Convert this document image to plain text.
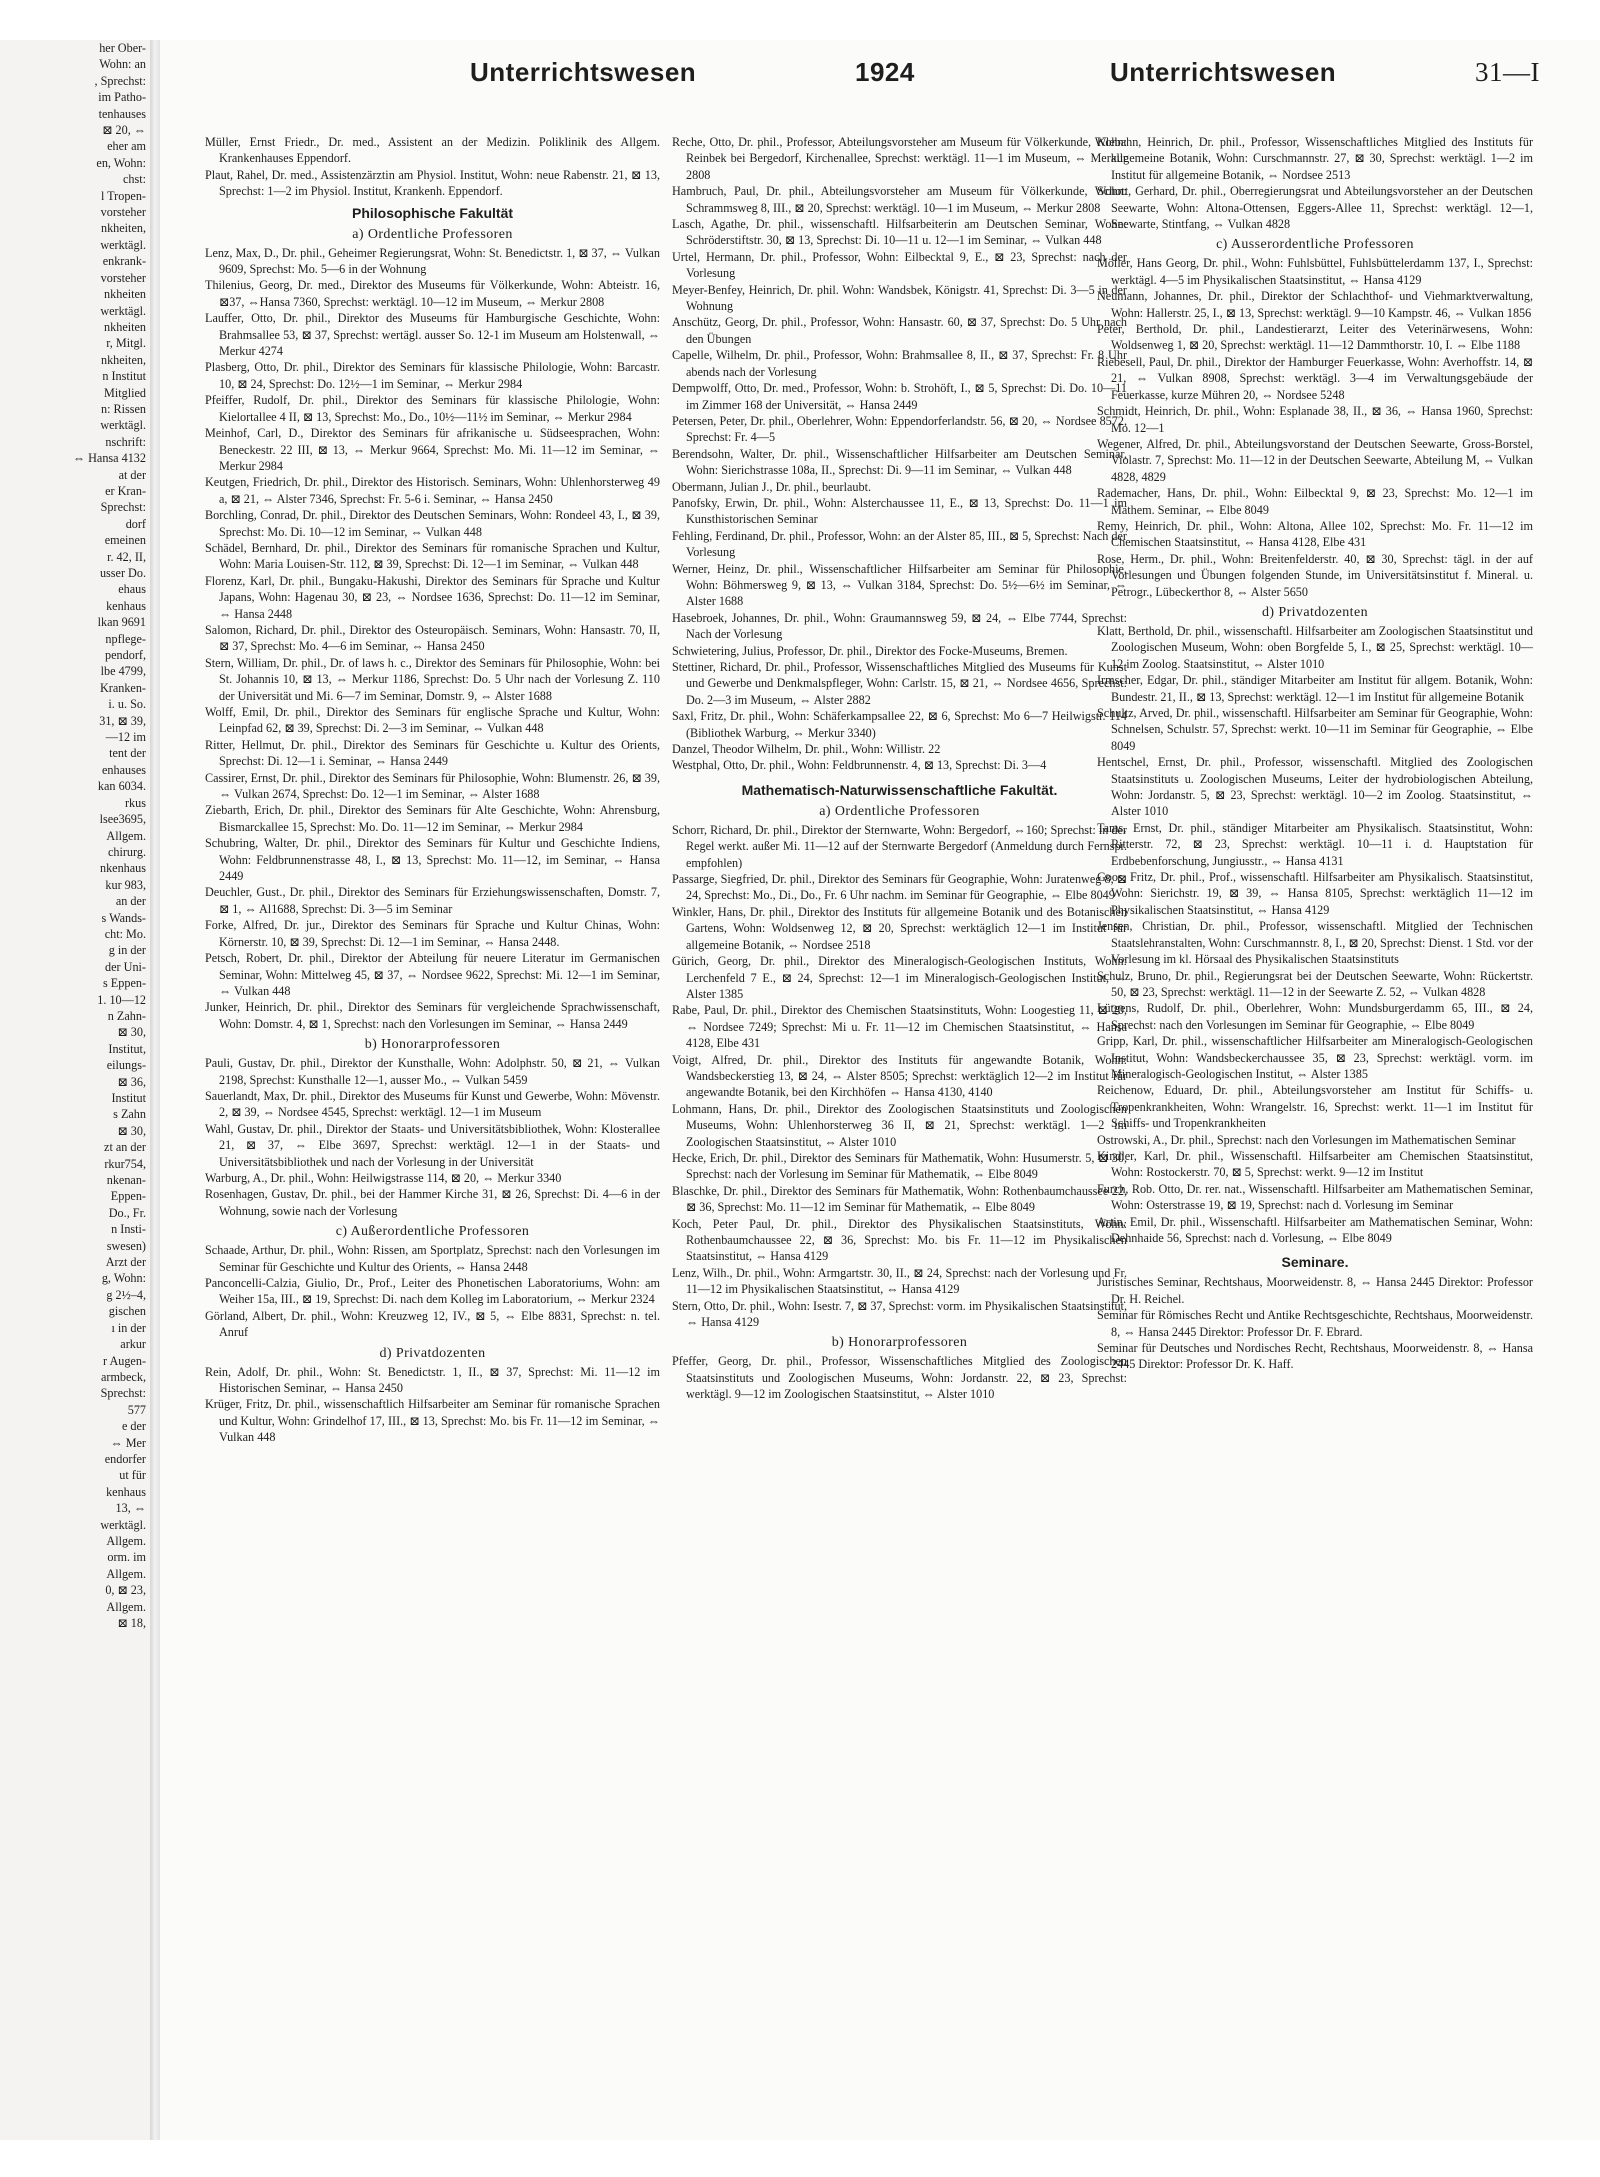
her Ober-
Wohn: an
, Sprechst:
im Patho-
tenhauses
⊠ 20, ⇔
eher am
en, Wohn:
chst:
l Tropen-
vorsteher
nkheiten,
werktägl.
enkrank-
vorsteher
nkheiten
werktägl.
nkheiten
r, Mitgl.
nkheiten,
n Institut
Mitglied
n: Rissen
werktägl.
nschrift:
⇔ Hansa 4132
at der
er Kran-
Sprechst:
dorf
emeinen
r. 42, II,
usser Do.
ehaus
kenhaus
lkan 9691
npflege-
pendorf,
lbe 4799,
Kranken-
i. u. So.
31, ⊠ 39,
—12 im
tent der
enhauses
kan 6034.
rkus
lsee3695,
Allgem.
chirurg.
nkenhaus
kur 983,
an der
s Wands-
cht: Mo.
g in der
der Uni-
s Eppen-
1. 10—12
n Zahn-
⊠ 30,
Institut,
eilungs-
⊠ 36,
Institut
s Zahn
⊠ 30,
zt an der
rkur754,
nkenan-
Eppen-
Do., Fr.
n Insti-
swesen)
Arzt der
g, Wohn:
g 2½–4,
gischen
ı in der
arkur
r Augen-
armbeck,
Sprechst:
577
e der
⇔ Mer
endorfer
ut für
kenhaus
13, ⇔
werktägl.
Allgem.
orm. im
Allgem.
0, ⊠ 23,
Allgem.
⊠ 18,
Unterrichtswesen	1924	Unterrichtswesen	31—I
Müller, Ernst Friedr., Dr. med., Assistent an der Medizin. Poliklinik des Allgem. Krankenhauses Eppendorf.
Plaut, Rahel, Dr. med., Assistenzärztin am Physiol. Institut, Wohn: neue Rabenstr. 21, ⊠ 13, Sprechst: 1—2 im Physiol. Institut, Krankenh. Eppendorf.
Philosophische Fakultät
a) Ordentliche Professoren
Lenz, Max, D., Dr. phil., Geheimer Regierungsrat, Wohn: St. Benedictstr. 1, ⊠ 37, ⇔ Vulkan 9609, Sprechst: Mo. 5—6 in der Wohnung
Thilenius, Georg, Dr. med., Direktor des Museums für Völkerkunde, Wohn: Abteistr. 16, ⊠37, ⇔Hansa 7360, Sprechst: werktägl. 10—12 im Museum, ⇔ Merkur 2808
Lauffer, Otto, Dr. phil., Direktor des Museums für Hamburgische Geschichte, Wohn: Brahmsallee 53, ⊠ 37, Sprechst: wertägl. ausser So. 12-1 im Museum am Holstenwall, ⇔ Merkur 4274
Plasberg, Otto, Dr. phil., Direktor des Seminars für klassische Philologie, Wohn: Barcastr. 10, ⊠ 24, Sprechst: Do. 12½—1 im Seminar, ⇔ Merkur 2984
Pfeiffer, Rudolf, Dr. phil., Direktor des Seminars für klassische Philologie, Wohn: Kielortallee 4 II, ⊠ 13, Sprechst: Mo., Do., 10½—11½ im Seminar, ⇔ Merkur 2984
Meinhof, Carl, D., Direktor des Seminars für afrikanische u. Südseesprachen, Wohn: Beneckestr. 22 III, ⊠ 13, ⇔ Merkur 9664, Sprechst: Mo. Mi. 11—12 im Seminar, ⇔ Merkur 2984
Keutgen, Friedrich, Dr. phil., Direktor des Historisch. Seminars, Wohn: Uhlenhorsterweg 49 a, ⊠ 21, ⇔ Alster 7346, Sprechst: Fr. 5-6 i. Seminar, ⇔ Hansa 2450
Borchling, Conrad, Dr. phil., Direktor des Deutschen Seminars, Wohn: Rondeel 43, I., ⊠ 39, Sprechst: Mo. Di. 10—12 im Seminar, ⇔ Vulkan 448
Schädel, Bernhard, Dr. phil., Direktor des Seminars für romanische Sprachen und Kultur, Wohn: Maria Louisen-Str. 112, ⊠ 39, Sprechst: Di. 12—1 im Seminar, ⇔ Vulkan 448
Florenz, Karl, Dr. phil., Bungaku-Hakushi, Direktor des Seminars für Sprache und Kultur Japans, Wohn: Hagenau 30, ⊠ 23, ⇔ Nordsee 1636, Sprechst: Do. 11—12 im Seminar, ⇔ Hansa 2448
Salomon, Richard, Dr. phil., Direktor des Osteuropäisch. Seminars, Wohn: Hansastr. 70, II, ⊠ 37, Sprechst: Mo. 4—6 im Seminar, ⇔ Hansa 2450
Stern, William, Dr. phil., Dr. of laws h. c., Direktor des Seminars für Philosophie, Wohn: bei St. Johannis 10, ⊠ 13, ⇔ Merkur 1186, Sprechst: Do. 5 Uhr nach der Vorlesung Z. 110 der Universität und Mi. 6—7 im Seminar, Domstr. 9, ⇔ Alster 1688
Wolff, Emil, Dr. phil., Direktor des Seminars für englische Sprache und Kultur, Wohn: Leinpfad 62, ⊠ 39, Sprechst: Di. 2—3 im Seminar, ⇔ Vulkan 448
Ritter, Hellmut, Dr. phil., Direktor des Seminars für Geschichte u. Kultur des Orients, Sprechst: Di. 12—1 i. Seminar, ⇔ Hansa 2449
Cassirer, Ernst, Dr. phil., Direktor des Seminars für Philosophie, Wohn: Blumenstr. 26, ⊠ 39, ⇔ Vulkan 2674, Sprechst: Do. 12—1 im Seminar, ⇔ Alster 1688
Ziebarth, Erich, Dr. phil., Direktor des Seminars für Alte Geschichte, Wohn: Ahrensburg, Bismarckallee 15, Sprechst: Mo. Do. 11—12 im Seminar, ⇔ Merkur 2984
Schubring, Walter, Dr. phil., Direktor des Seminars für Kultur und Geschichte Indiens, Wohn: Feldbrunnenstrasse 48, I., ⊠ 13, Sprechst: Mo. 11—12, im Seminar, ⇔ Hansa 2449
Deuchler, Gust., Dr. phil., Direktor des Seminars für Erziehungswissenschaften, Domstr. 7, ⊠ 1, ⇔ Al1688, Sprechst: Di. 3—5 im Seminar
Forke, Alfred, Dr. jur., Direktor des Seminars für Sprache und Kultur Chinas, Wohn: Körnerstr. 10, ⊠ 39, Sprechst: Di. 12—1 im Seminar, ⇔ Hansa 2448.
Petsch, Robert, Dr. phil., Direktor der Abteilung für neuere Literatur im Germanischen Seminar, Wohn: Mittelweg 45, ⊠ 37, ⇔ Nordsee 9622, Sprechst: Mi. 12—1 im Seminar, ⇔ Vulkan 448
Junker, Heinrich, Dr. phil., Direktor des Seminars für vergleichende Sprachwissenschaft, Wohn: Domstr. 4, ⊠ 1, Sprechst: nach den Vorlesungen im Seminar, ⇔ Hansa 2449
b) Honorarprofessoren
Pauli, Gustav, Dr. phil., Direktor der Kunsthalle, Wohn: Adolphstr. 50, ⊠ 21, ⇔ Vulkan 2198, Sprechst: Kunsthalle 12—1, ausser Mo., ⇔ Vulkan 5459
Sauerlandt, Max, Dr. phil., Direktor des Museums für Kunst und Gewerbe, Wohn: Mövenstr. 2, ⊠ 39, ⇔ Nordsee 4545, Sprechst: werktägl. 12—1 im Museum
Wahl, Gustav, Dr. phil., Direktor der Staats- und Universitätsbibliothek, Wohn: Klosterallee 21, ⊠ 37, ⇔ Elbe 3697, Sprechst: werktägl. 12—1 in der Staats- und Universitätsbibliothek und nach der Vorlesung in der Universität
Warburg, A., Dr. phil., Wohn: Heilwigstrasse 114, ⊠ 20, ⇔ Merkur 3340
Rosenhagen, Gustav, Dr. phil., bei der Hammer Kirche 31, ⊠ 26, Sprechst: Di. 4—6 in der Wohnung, sowie nach der Vorlesung
c) Außerordentliche Professoren
Schaade, Arthur, Dr. phil., Wohn: Rissen, am Sportplatz, Sprechst: nach den Vorlesungen im Seminar für Geschichte und Kultur des Orients, ⇔ Hansa 2448
Panconcelli-Calzia, Giulio, Dr., Prof., Leiter des Phonetischen Laboratoriums, Wohn: am Weiher 15a, III., ⊠ 19, Sprechst: Di. nach dem Kolleg im Laboratorium, ⇔ Merkur 2324
Görland, Albert, Dr. phil., Wohn: Kreuzweg 12, IV., ⊠ 5, ⇔ Elbe 8831, Sprechst: n. tel. Anruf
d) Privatdozenten
Rein, Adolf, Dr. phil., Wohn: St. Benedictstr. 1, II., ⊠ 37, Sprechst: Mi. 11—12 im Historischen Seminar, ⇔ Hansa 2450
Krüger, Fritz, Dr. phil., wissenschaftlich Hilfsarbeiter am Seminar für romanische Sprachen und Kultur, Wohn: Grindelhof 17, III., ⊠ 13, Sprechst: Mo. bis Fr. 11—12 im Seminar, ⇔ Vulkan 448
Reche, Otto, Dr. phil., Professor, Abteilungsvorsteher am Museum für Völkerkunde, Wohn: Reinbek bei Bergedorf, Kirchenallee, Sprechst: werktägl. 11—1 im Museum, ⇔ Merkur 2808
Hambruch, Paul, Dr. phil., Abteilungsvorsteher am Museum für Völkerkunde, Wohn: Schrammsweg 8, III., ⊠ 20, Sprechst: werktägl. 10—1 im Museum, ⇔ Merkur 2808
Lasch, Agathe, Dr. phil., wissenschaftl. Hilfsarbeiterin am Deutschen Seminar, Wohn: Schröderstiftstr. 30, ⊠ 13, Sprechst: Di. 10—11 u. 12—1 im Seminar, ⇔ Vulkan 448
Urtel, Hermann, Dr. phil., Professor, Wohn: Eilbecktal 9, E., ⊠ 23, Sprechst: nach der Vorlesung
Meyer-Benfey, Heinrich, Dr. phil. Wohn: Wandsbek, Königstr. 41, Sprechst: Di. 3—5 in der Wohnung
Anschütz, Georg, Dr. phil., Professor, Wohn: Hansastr. 60, ⊠ 37, Sprechst: Do. 5 Uhr nach den Übungen
Capelle, Wilhelm, Dr. phil., Professor, Wohn: Brahmsallee 8, II., ⊠ 37, Sprechst: Fr. 8 Uhr abends nach der Vorlesung
Dempwolff, Otto, Dr. med., Professor, Wohn: b. Strohöft, I., ⊠ 5, Sprechst: Di. Do. 10—11 im Zimmer 168 der Universität, ⇔ Hansa 2449
Petersen, Peter, Dr. phil., Oberlehrer, Wohn: Eppendorferlandstr. 56, ⊠ 20, ⇔ Nordsee 8572, Sprechst: Fr. 4—5
Berendsohn, Walter, Dr. phil., Wissenschaftlicher Hilfsarbeiter am Deutschen Seminar, Wohn: Sierichstrasse 108a, II., Sprechst: Di. 9—11 im Seminar, ⇔ Vulkan 448
Obermann, Julian J., Dr. phil., beurlaubt.
Panofsky, Erwin, Dr. phil., Wohn: Alsterchaussee 11, E., ⊠ 13, Sprechst: Do. 11—1 im Kunsthistorischen Seminar
Fehling, Ferdinand, Dr. phil., Professor, Wohn: an der Alster 85, III., ⊠ 5, Sprechst: Nach der Vorlesung
Werner, Heinz, Dr. phil., Wissenschaftlicher Hilfsarbeiter am Seminar für Philosophie, Wohn: Böhmersweg 9, ⊠ 13, ⇔ Vulkan 3184, Sprechst: Do. 5½—6½ im Seminar, ⇔ Alster 1688
Hasebroek, Johannes, Dr. phil., Wohn: Graumannsweg 59, ⊠ 24, ⇔ Elbe 7744, Sprechst: Nach der Vorlesung
Schwietering, Julius, Professor, Dr. phil., Direktor des Focke-Museums, Bremen.
Stettiner, Richard, Dr. phil., Professor, Wissenschaftliches Mitglied des Museums für Kunst und Gewerbe und Denkmalspfleger, Wohn: Carlstr. 15, ⊠ 21, ⇔ Nordsee 4656, Sprechst: Do. 2—3 im Museum, ⇔ Alster 2882
Saxl, Fritz, Dr. phil., Wohn: Schäferkampsallee 22, ⊠ 6, Sprechst: Mo 6—7 Heilwigstr. 114 (Bibliothek Warburg, ⇔ Merkur 3340)
Danzel, Theodor Wilhelm, Dr. phil., Wohn: Willistr. 22
Westphal, Otto, Dr. phil., Wohn: Feldbrunnenstr. 4, ⊠ 13, Sprechst: Di. 3—4
Mathematisch-Naturwissenschaftliche Fakultät.
a) Ordentliche Professoren
Schorr, Richard, Dr. phil., Direktor der Sternwarte, Wohn: Bergedorf, ⇔160; Sprechst: in der Regel werkt. außer Mi. 11—12 auf der Sternwarte Bergedorf (Anmeldung durch Fernspr. empfohlen)
Passarge, Siegfried, Dr. phil., Direktor des Seminars für Geographie, Wohn: Juratenweg 8, ⊠ 24, Sprechst: Mo., Di., Do., Fr. 6 Uhr nachm. im Seminar für Geographie, ⇔ Elbe 8049
Winkler, Hans, Dr. phil., Direktor des Instituts für allgemeine Botanik und des Botanischen Gartens, Wohn: Woldsenweg 12, ⊠ 20, Sprechst: werktäglich 12—1 im Institut für allgemeine Botanik, ⇔ Nordsee 2518
Gürich, Georg, Dr. phil., Direktor des Mineralogisch-Geologischen Instituts, Wohn: Lerchenfeld 7 E., ⊠ 24, Sprechst: 12—1 im Mineralogisch-Geologischen Institut, ⇔ Alster 1385
Rabe, Paul, Dr. phil., Direktor des Chemischen Staatsinstituts, Wohn: Loogestieg 11, ⊠ 20, ⇔ Nordsee 7249; Sprechst: Mi u. Fr. 11—12 im Chemischen Staatsinstitut, ⇔ Hansa 4128, Elbe 431
Voigt, Alfred, Dr. phil., Direktor des Instituts für angewandte Botanik, Wohn: Wandsbeckerstieg 13, ⊠ 24, ⇔ Alster 8505; Sprechst: werktäglich 12—2 im Institut für angewandte Botanik, bei den Kirchhöfen ⇔ Hansa 4130, 4140
Lohmann, Hans, Dr. phil., Direktor des Zoologischen Staatsinstituts und Zoologischen Museums, Wohn: Uhlenhorsterweg 36 II, ⊠ 21, Sprechst: werktägl. 1—2 im Zoologischen Staatsinstitut, ⇔ Alster 1010
Hecke, Erich, Dr. phil., Direktor des Seminars für Mathematik, Wohn: Husumerstr. 5, ⊠ 30, Sprechst: nach der Vorlesung im Seminar für Mathematik, ⇔ Elbe 8049
Blaschke, Dr. phil., Direktor des Seminars für Mathematik, Wohn: Rothenbaumchaussee 22, ⊠ 36, Sprechst: Mo. 11—12 im Seminar für Mathematik, ⇔ Elbe 8049
Koch, Peter Paul, Dr. phil., Direktor des Physikalischen Staatsinstituts, Wohn: Rothenbaumchaussee 22, ⊠ 36, Sprechst: Mo. bis Fr. 11—12 im Physikalischen Staatsinstitut, ⇔ Hansa 4129
Lenz, Wilh., Dr. phil., Wohn: Armgartstr. 30, II., ⊠ 24, Sprechst: nach der Vorlesung und Fr. 11—12 im Physikalischen Staatsinstitut, ⇔ Hansa 4129
Stern, Otto, Dr. phil., Wohn: Isestr. 7, ⊠ 37, Sprechst: vorm. im Physikalischen Staatsinstitut, ⇔ Hansa 4129
b) Honorarprofessoren
Pfeffer, Georg, Dr. phil., Professor, Wissenschaftliches Mitglied des Zoologischen Staatsinstituts und Zoologischen Museums, Wohn: Jordanstr. 22, ⊠ 23, Sprechst: werktägl. 9—12 im Zoologischen Staatsinstitut, ⇔ Alster 1010
Klebahn, Heinrich, Dr. phil., Professor, Wissenschaftliches Mitglied des Instituts für allgemeine Botanik, Wohn: Curschmannstr. 27, ⊠ 30, Sprechst: werktägl. 1—2 im Institut für allgemeine Botanik, ⇔ Nordsee 2513
Schott, Gerhard, Dr. phil., Oberregierungsrat und Abteilungsvorsteher an der Deutschen Seewarte, Wohn: Altona-Ottensen, Eggers-Allee 11, Sprechst: werktägl. 12—1, Seewarte, Stintfang, ⇔ Vulkan 4828
c) Ausserordentliche Professoren
Möller, Hans Georg, Dr. phil., Wohn: Fuhlsbüttel, Fuhlsbüttelerdamm 137, I., Sprechst: werktägl. 4—5 im Physikalischen Staatsinstitut, ⇔ Hansa 4129
Neumann, Johannes, Dr. phil., Direktor der Schlachthof- und Viehmarktverwaltung, Wohn: Hallerstr. 25, I., ⊠ 13, Sprechst: werktägl. 9—10 Kampstr. 46, ⇔ Vulkan 1856
Peter, Berthold, Dr. phil., Landestierarzt, Leiter des Veterinärwesens, Wohn: Woldsenweg 1, ⊠ 20, Sprechst: werktägl. 11—12 Dammthorstr. 10, I. ⇔ Elbe 1188
Riebesell, Paul, Dr. phil., Direktor der Hamburger Feuerkasse, Wohn: Averhoffstr. 14, ⊠ 21, ⇔ Vulkan 8908, Sprechst: werktägl. 3—4 im Verwaltungsgebäude der Feuerkasse, kurze Mühren 20, ⇔ Nordsee 5248
Schmidt, Heinrich, Dr. phil., Wohn: Esplanade 38, II., ⊠ 36, ⇔ Hansa 1960, Sprechst: Mo. 12—1
Wegener, Alfred, Dr. phil., Abteilungsvorstand der Deutschen Seewarte, Gross-Borstel, Violastr. 7, Sprechst: Mo. 11—12 in der Deutschen Seewarte, Abteilung M, ⇔ Vulkan 4828, 4829
Rademacher, Hans, Dr. phil., Wohn: Eilbecktal 9, ⊠ 23, Sprechst: Mo. 12—1 im Mathem. Seminar, ⇔ Elbe 8049
Remy, Heinrich, Dr. phil., Wohn: Altona, Allee 102, Sprechst: Mo. Fr. 11—12 im Chemischen Staatsinstitut, ⇔ Hansa 4128, Elbe 431
Rose, Herm., Dr. phil., Wohn: Breitenfelderstr. 40, ⊠ 30, Sprechst: tägl. in der auf Vorlesungen und Übungen folgenden Stunde, im Universitätsinstitut f. Mineral. u. Petrogr., Lübeckerthor 8, ⇔ Alster 5650
d) Privatdozenten
Klatt, Berthold, Dr. phil., wissenschaftl. Hilfsarbeiter am Zoologischen Staatsinstitut und Zoologischen Museum, Wohn: oben Borgfelde 5, I., ⊠ 25, Sprechst: werktägl. 10—12 im Zoolog. Staatsinstitut, ⇔ Alster 1010
Irmscher, Edgar, Dr. phil., ständiger Mitarbeiter am Institut für allgem. Botanik, Wohn: Bundestr. 21, II., ⊠ 13, Sprechst: werktägl. 12—1 im Institut für allgemeine Botanik
Schultz, Arved, Dr. phil., wissenschaftl. Hilfsarbeiter am Seminar für Geographie, Wohn: Schnelsen, Schulstr. 57, Sprechst: werkt. 10—11 im Seminar für Geographie, ⇔ Elbe 8049
Hentschel, Ernst, Dr. phil., Professor, wissenschaftl. Mitglied des Zoologischen Staatsinstituts u. Zoologischen Museums, Leiter der hydrobiologischen Abteilung, Wohn: Jordanstr. 5, ⊠ 23, Sprechst: werktägl. 10—2 im Zoolog. Staatsinstitut, ⇔ Alster 1010
Tams, Ernst, Dr. phil., ständiger Mitarbeiter am Physikalisch. Staatsinstitut, Wohn: Ritterstr. 72, ⊠ 23, Sprechst: werktägl. 10—11 i. d. Hauptstation für Erdbebenforschung, Jungiusstr., ⇔ Hansa 4131
Goos, Fritz, Dr. phil., Prof., wissenschaftl. Hilfsarbeiter am Physikalisch. Staatsinstitut, Wohn: Sierichstr. 19, ⊠ 39, ⇔ Hansa 8105, Sprechst: werktäglich 11—12 im Physikalischen Staatsinstitut, ⇔ Hansa 4129
Jensen, Christian, Dr. phil., Professor, wissenschaftl. Mitglied der Technischen Staatslehranstalten, Wohn: Curschmannstr. 8, I., ⊠ 20, Sprechst: Dienst. 1 Std. vor der Vorlesung im kl. Hörsaal des Physikalischen Staatsinstituts
Schulz, Bruno, Dr. phil., Regierungsrat bei der Deutschen Seewarte, Wohn: Rückertstr. 50, ⊠ 23, Sprechst: werktägl. 11—12 in der Seewarte Z. 52, ⇔ Vulkan 4828
Lütgens, Rudolf, Dr. phil., Oberlehrer, Wohn: Mundsburgerdamm 65, III., ⊠ 24, Sprechst: nach den Vorlesungen im Seminar für Geographie, ⇔ Elbe 8049
Gripp, Karl, Dr. phil., wissenschaftlicher Hilfsarbeiter am Mineralogisch-Geologischen Institut, Wohn: Wandsbeckerchaussee 35, ⊠ 23, Sprechst: werktägl. vorm. im Mineralogisch-Geologischen Institut, ⇔ Alster 1385
Reichenow, Eduard, Dr. phil., Abteilungsvorsteher am Institut für Schiffs- u. Tropenkrankheiten, Wohn: Wrangelstr. 16, Sprechst: werkt. 11—1 im Institut für Schiffs- und Tropenkrankheiten
Ostrowski, A., Dr. phil., Sprechst: nach den Vorlesungen im Mathematischen Seminar
Kindler, Karl, Dr. phil., Wissenschaftl. Hilfsarbeiter am Chemischen Staatsinstitut, Wohn: Rostockerstr. 70, ⊠ 5, Sprechst: werkt. 9—12 im Institut
Furch, Rob. Otto, Dr. rer. nat., Wissenschaftl. Hilfsarbeiter am Mathematischen Seminar, Wohn: Osterstrasse 19, ⊠ 19, Sprechst: nach d. Vorlesung im Seminar
Artin, Emil, Dr. phil., Wissenschaftl. Hilfsarbeiter am Mathematischen Seminar, Wohn: Dehnhaide 56, Sprechst: nach d. Vorlesung, ⇔ Elbe 8049
Seminare.
Juristisches Seminar, Rechtshaus, Moorweidenstr. 8, ⇔ Hansa 2445 Direktor: Professor Dr. H. Reichel.
Seminar für Römisches Recht und Antike Rechtsgeschichte, Rechtshaus, Moorweidenstr. 8, ⇔ Hansa 2445 Direktor: Professor Dr. F. Ebrard.
Seminar für Deutsches und Nordisches Recht, Rechtshaus, Moorweidenstr. 8, ⇔ Hansa 2445 Direktor: Professor Dr. K. Haff.
